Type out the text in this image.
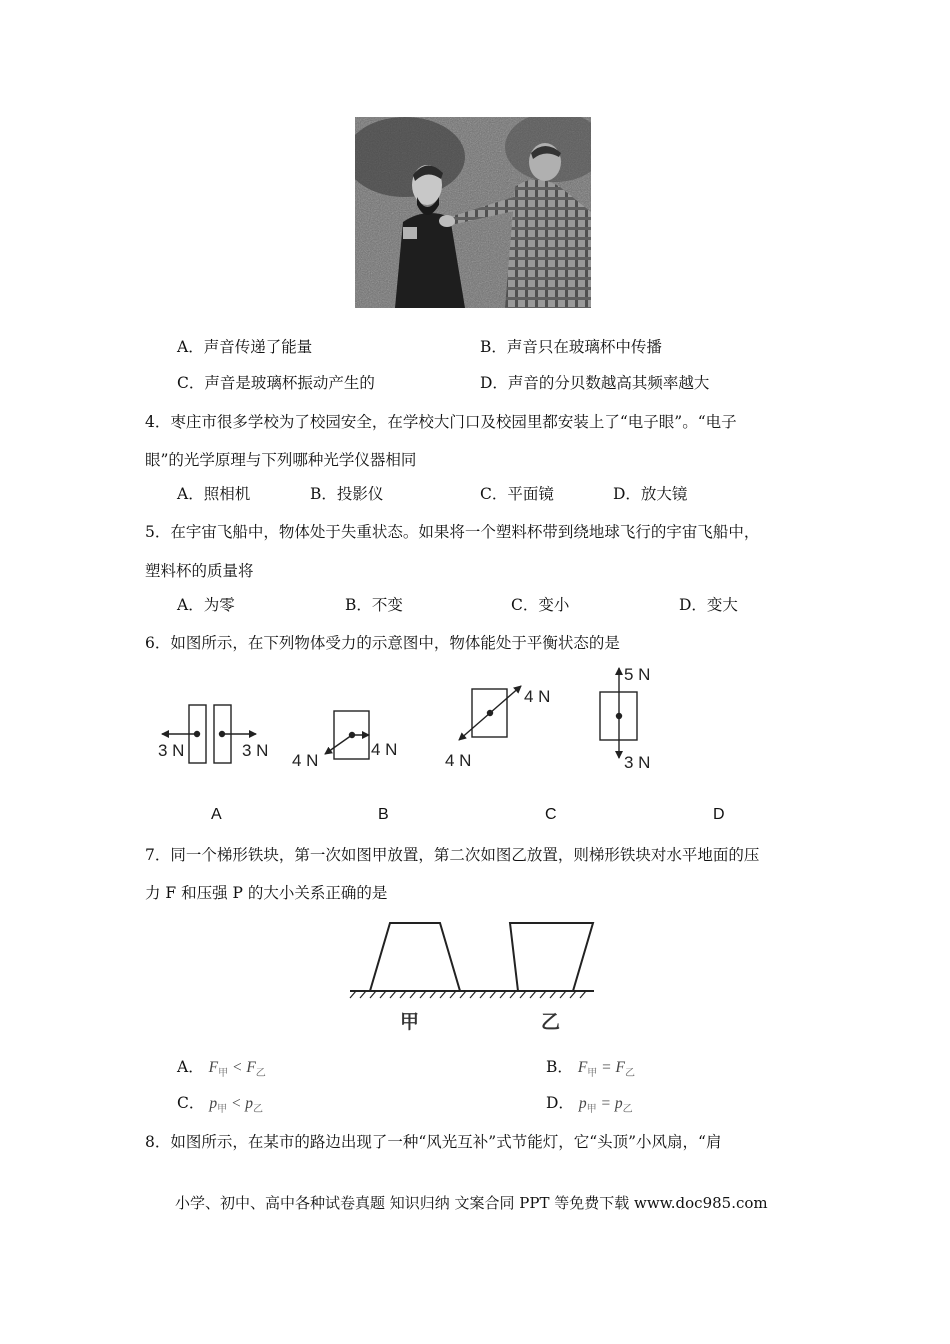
A．声音传递了能量	B．声音只在玻璃杯中传播
C．声音是玻璃杯振动产生的	D．声音的分贝数越高其频率越大
4．枣庄市很多学校为了校园安全，在学校大门口及校园里都安装上了“电子眼”。“电子
眼”的光学原理与下列哪种光学仪器相同
A．照相机	B．投影仪	C．平面镜	D．放大镜
5．在宇宙飞船中，物体处于失重状态。如果将一个塑料杯带到绕地球飞行的宇宙飞船中，
塑料杯的质量将
A．为零	B．不变	C．变小	D．变大
6．如图所示，在下列物体受力的示意图中，物体能处于平衡状态的是
3 N	3 N
4 N
4 N
4 N
4 N
5 N
3 N
A	B	C	D
7．同一个梯形铁块，第一次如图甲放置，第二次如图乙放置，则梯形铁块对水平地面的压
力 F 和压强 P 的大小关系正确的是
甲	乙
A． $F_甲 < F_乙$	B． $F_甲 = F_乙$
C． $p_甲 < p_乙$	D． $p_甲 = p_乙$
8．如图所示，在某市的路边出现了一种“风光互补”式节能灯，它“头顶”小风扇，“肩
小学、初中、高中各种试卷真题 知识归纳 文案合同 PPT 等免费下载 www.doc985.com
